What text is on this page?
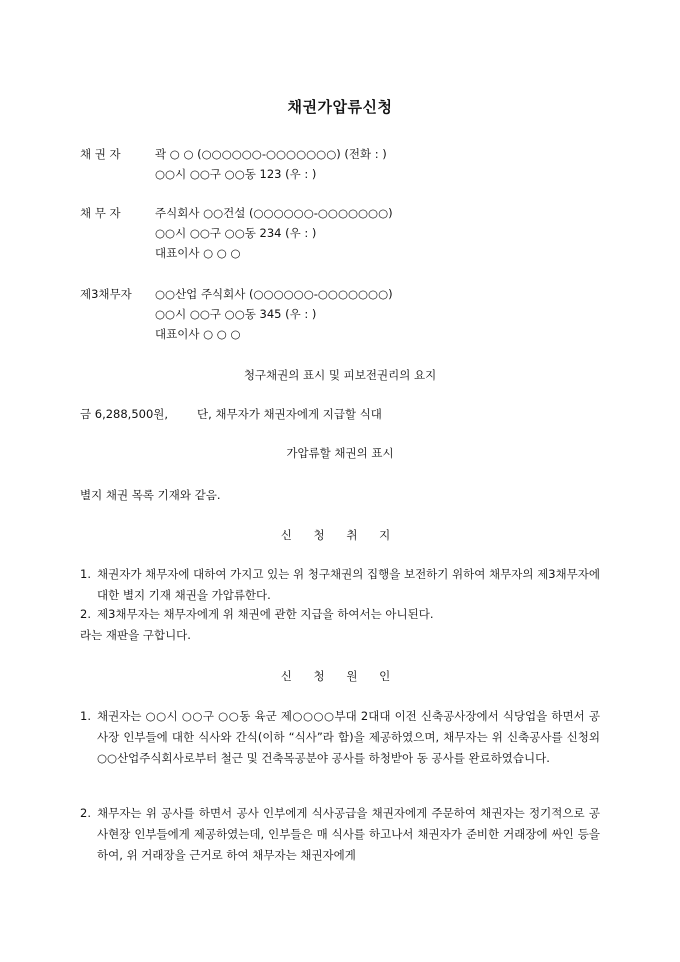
채권가압류신청
채 권 자	곽 ○ ○ (○○○○○○-○○○○○○○) (전화 : )
○○시 ○○구 ○○동 123 (우 : )
채 무 자	주식회사 ○○건설 (○○○○○○-○○○○○○○)
○○시 ○○구 ○○동 234 (우 : )
대표이사 ○ ○ ○
제3채무자	○○산업 주식회사 (○○○○○○-○○○○○○○)
○○시 ○○구 ○○동 345 (우 : )
대표이사 ○ ○ ○
청구채권의 표시 및 피보전권리의 요지
금 6,288,500원,	단, 채무자가 채권자에게 지급할 식대
가압류할 채권의 표시
별지 채권 목록 기재와 같음.
신 청 취 지
1. 채권자가 채무자에 대하여 가지고 있는 위 청구채권의 집행을 보전하기 위하여 채무자의 제3채무자에 대한 별지 기재 채권을 가압류한다.
2. 제3채무자는 채무자에게 위 채권에 관한 지급을 하여서는 아니된다.
라는 재판을 구합니다.
신 청 원 인
1. 채권자는 ○○시 ○○구 ○○동 육군 제○○○○부대 2대대 이전 신축공사장에서 식당업을 하면서 공사장 인부들에 대한 식사와 간식(이하 “식사”라 함)을 제공하였으며, 채무자는 위 신축공사를 신청외 ○○산업주식회사로부터 철근 및 건축목공분야 공사를 하청받아 동 공사를 완료하였습니다.
2. 채무자는 위 공사를 하면서 공사 인부에게 식사공급을 채권자에게 주문하여 채권자는 정기적으로 공사현장 인부들에게 제공하였는데, 인부들은 매 식사를 하고나서 채권자가 준비한 거래장에 싸인 등을 하여, 위 거래장을 근거로 하여 채무자는 채권자에게
